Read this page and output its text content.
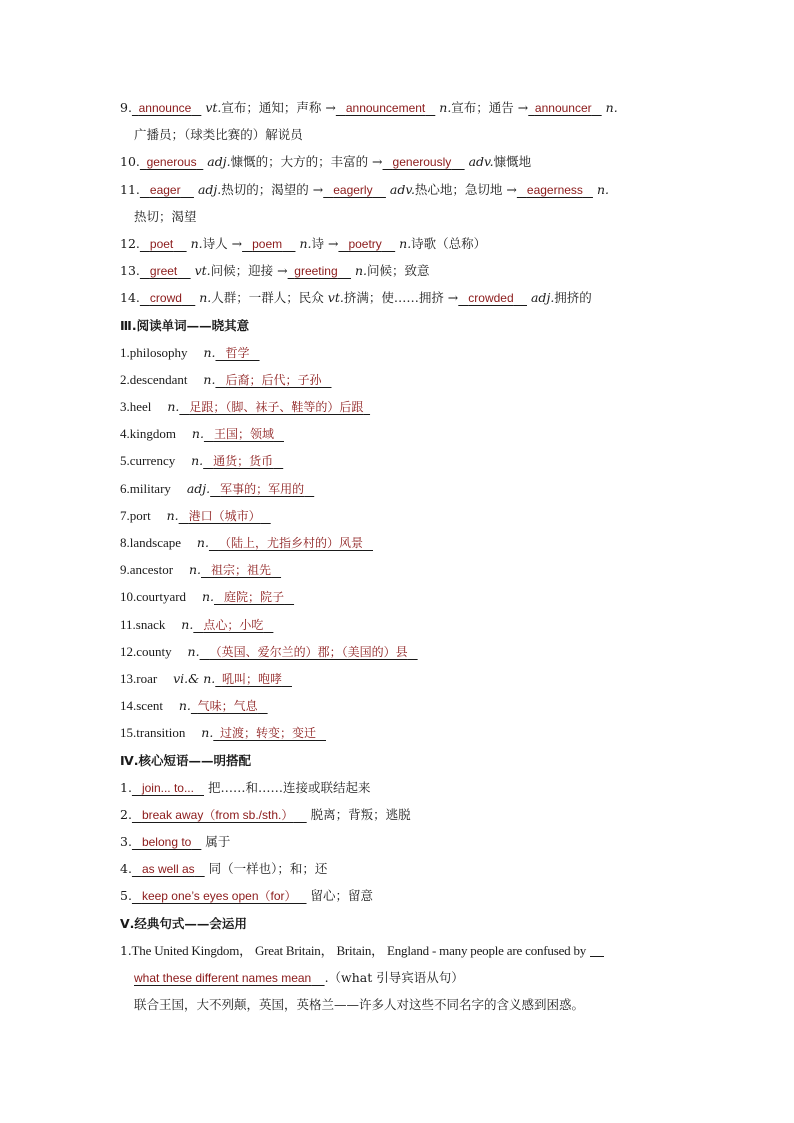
9. announce vt.宣布；通知；声称 → announcement n.宣布；通告 → announcer n.
广播员；（球类比赛的）解说员
10. generous adj.慷慨的；大方的；丰富的 → generously adv.慷慨地
11. eager adj.热切的；渴望的 → eagerly adv.热心地；急切地 → eagerness n.
热切；渴望
12. poet n.诗人 → poem n.诗 → poetry n.诗歌（总称）
13. greet vt.问候；迎接 → greeting n.问候；致意
14. crowd n.人群；一群人；民众 vt.挤满；使……拥挤 → crowded adj.拥挤的
Ⅲ.阅读单词——晓其意
1.philosophy n. 哲学
2.descendant n. 后裔；后代；子孙
3.heel n. 足跟；（脚、袜子、鞋等的）后跟
4.kingdom n. 王国；领域
5.currency n. 通货；货币
6.military adj. 军事的；军用的
7.port n. 港口（城市）
8.landscape n. （陆上，尤指乡村的）风景
9.ancestor n. 祖宗；祖先
10.courtyard n. 庭院；院子
11.snack n. 点心；小吃
12.county n. （英国、爱尔兰的）郡；（美国的）县
13.roar vi.& n. 吼叫；咆哮
14.scent n. 气味；气息
15.transition n. 过渡；转变；变迁
Ⅳ.核心短语——明搭配
1. join... to... 把……和……连接或联结起来
2. break away（from sb./sth.） 脱离；背叛；逃脱
3. belong to 属于
4. as well as 同（一样也）；和；还
5. keep one’s eyes open（for） 留心；留意
Ⅴ.经典句式——会运用
1.The United Kingdom， Great Britain， Britain， England - many people are confused by
what these different names mean .（what 引导宾语从句）
联合王国，大不列颠，英国，英格兰——许多人对这些不同名字的含义感到困惑。
